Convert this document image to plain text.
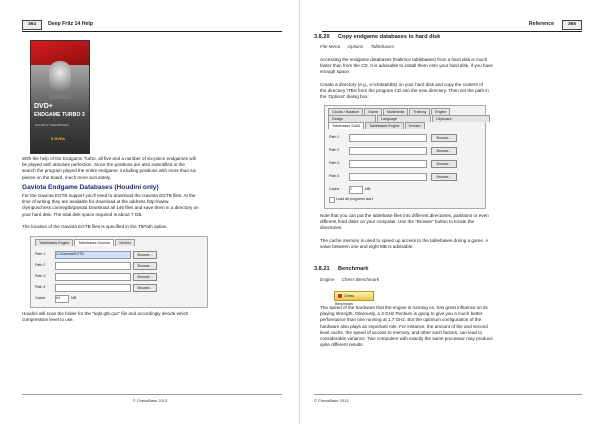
364	Deep Fritz 14 Help
DVD+
ENDGAME TURBO 3
NALIMOV TABLEBASES
6 DVDs
With the help of the Endgame Turbo, all five and a number of six-piece endgames will
be played with absolute perfection. Since the positions are also indentified in the
search the program played the entire endgame, including positions with more than six
pieces on the board, much more accurately.
Gaviota Endgame Databases (Houdini only)
For the Gaviota EGTB support you'll need to download the Gaviota EGTB files. At the
time of writing they are available for download at the address http://www.
olympuschess.com/egtb/gaviota Download all 145 files and save them in a directory on
your hard disk. The total disk space required is about 7 GB.
The location of the Gaviota EGTB files is specified in the TbPath option.
Tablebases Engine	Tablebases Gaviota	Version
Path 1	C:\Gaviota\EGTB	Browse...
Path 2	Browse...
Path 3	Browse...
Path 4	Browse...
Cache	64	MB
Houdini will scan the folder for the "kqkr.gtb.cpx" file and accordingly decide which
compression level to use.
© ChessBase 2013
Reference	365
3.8.20 Copy endgame databases to hard disk
File Menu Options Tablebases
Accessing the endgame databases (Nalimov tablebases) from a hard disk is much
faster than from the CD. It is advisable to install them onto your hard disk, if you have
enough space.
Create a directory (e.g., e:\chdata\tbs) on your hard disk and copy the content of
the directory \TBS from the program CD into the new directory. Then set the path in
the 'Options' dialog box:
Clocks / Notation	Game	Multimedia	Training	Engine
Design	Language	Clipboard
Tablebases SubD	Tablebases Engine	Version
Path 1	Browse...
Path 2	Browse...
Path 3	Browse...
Path 4	Browse...
Cache	1	MB
Load all programs start
Note that you can put the tablebase files into different directories, partitions or even
different hard disks on your computer. Use the "Browse" button to locate the
directories.
The cache memory is used to speed up access to the tablebases during a game. A
value between one and eight MB is advisable.
3.8.21 Benchmark
Engine Chess Benchmark
Chess Benchmark
The speed of the hardware that the engine is running on, has great influence on its
playing strength. Obviously, a 3 GHz Pentium is going to give you a much better
performance than one running at 1.7 GHz. But the optimum configuration of the
hardware also plays an important role. For instance, the amount of the and second
level cache, the speed of access to memory, and other such factors, can lead to
considerable variance. Two computers with exactly the same processor may produce
quite different results.
© ChessBase 2013
